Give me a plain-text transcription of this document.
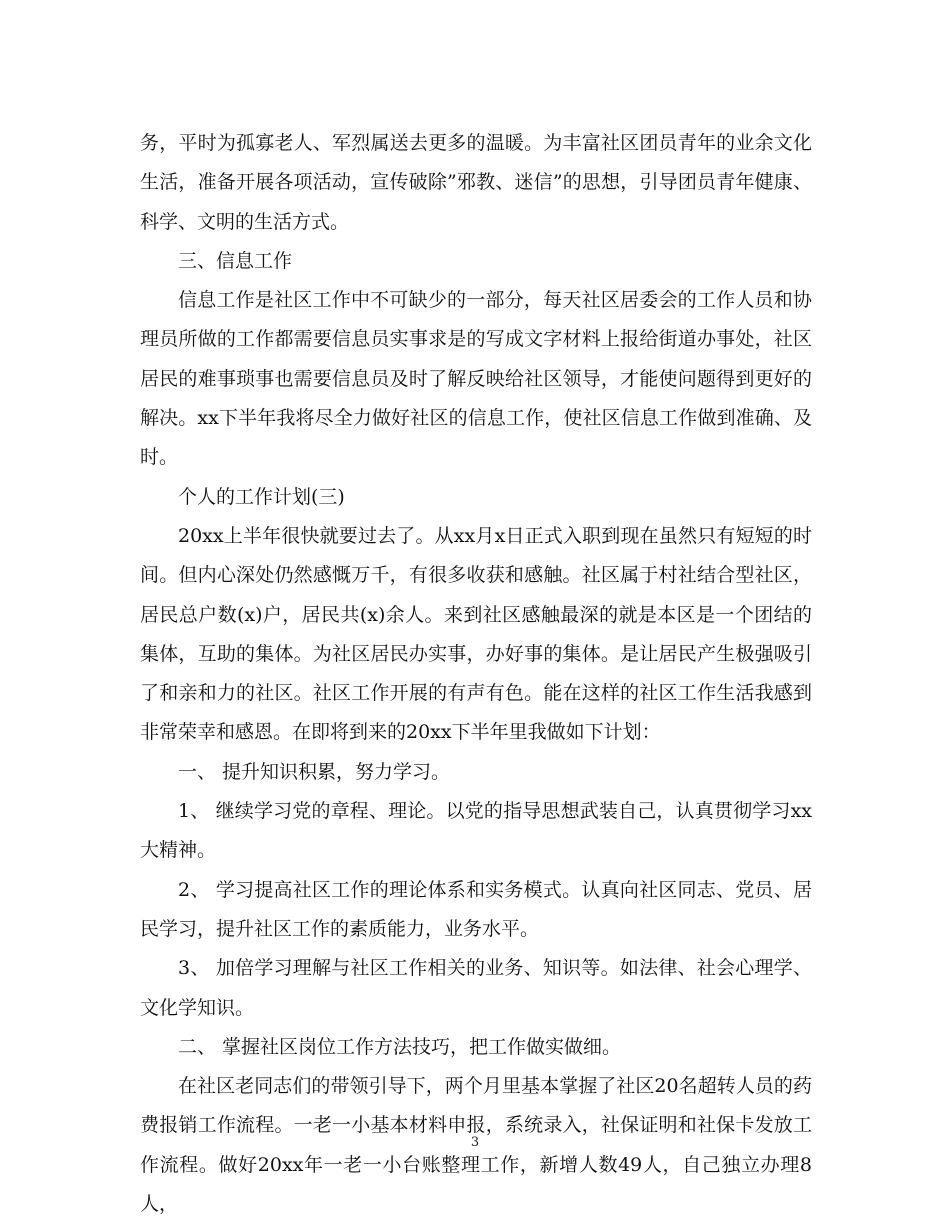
务，平时为孤寡老人、军烈属送去更多的温暖。为丰富社区团员青年的业余文化生活，准备开展各项活动，宣传破除”邪教、迷信”的思想，引导团员青年健康、科学、文明的生活方式。

三、信息工作

信息工作是社区工作中不可缺少的一部分，每天社区居委会的工作人员和协理员所做的工作都需要信息员实事求是的写成文字材料上报给街道办事处，社区居民的难事琐事也需要信息员及时了解反映给社区领导，才能使问题得到更好的解决。xx下半年我将尽全力做好社区的信息工作，使社区信息工作做到准确、及时。

个人的工作计划(三)

20xx上半年很快就要过去了。从xx月x日正式入职到现在虽然只有短短的时间。但内心深处仍然感慨万千，有很多收获和感触。社区属于村社结合型社区，居民总户数(x)户，居民共(x)余人。来到社区感触最深的就是本区是一个团结的集体，互助的集体。为社区居民办实事，办好事的集体。是让居民产生极强吸引了和亲和力的社区。社区工作开展的有声有色。能在这样的社区工作生活我感到非常荣幸和感恩。在即将到来的20xx下半年里我做如下计划：

一、 提升知识积累，努力学习。

1、 继续学习党的章程、理论。以党的指导思想武装自己，认真贯彻学习xx大精神。

2、 学习提高社区工作的理论体系和实务模式。认真向社区同志、党员、居民学习，提升社区工作的素质能力，业务水平。

3、 加倍学习理解与社区工作相关的业务、知识等。如法律、社会心理学、文化学知识。

二、 掌握社区岗位工作方法技巧，把工作做实做细。

在社区老同志们的带领引导下，两个月里基本掌握了社区20名超转人员的药费报销工作流程。一老一小基本材料申报，系统录入，社保证明和社保卡发放工作流程。做好20xx年一老一小台账整理工作，新增人数49人，自己独立办理8人，

3
